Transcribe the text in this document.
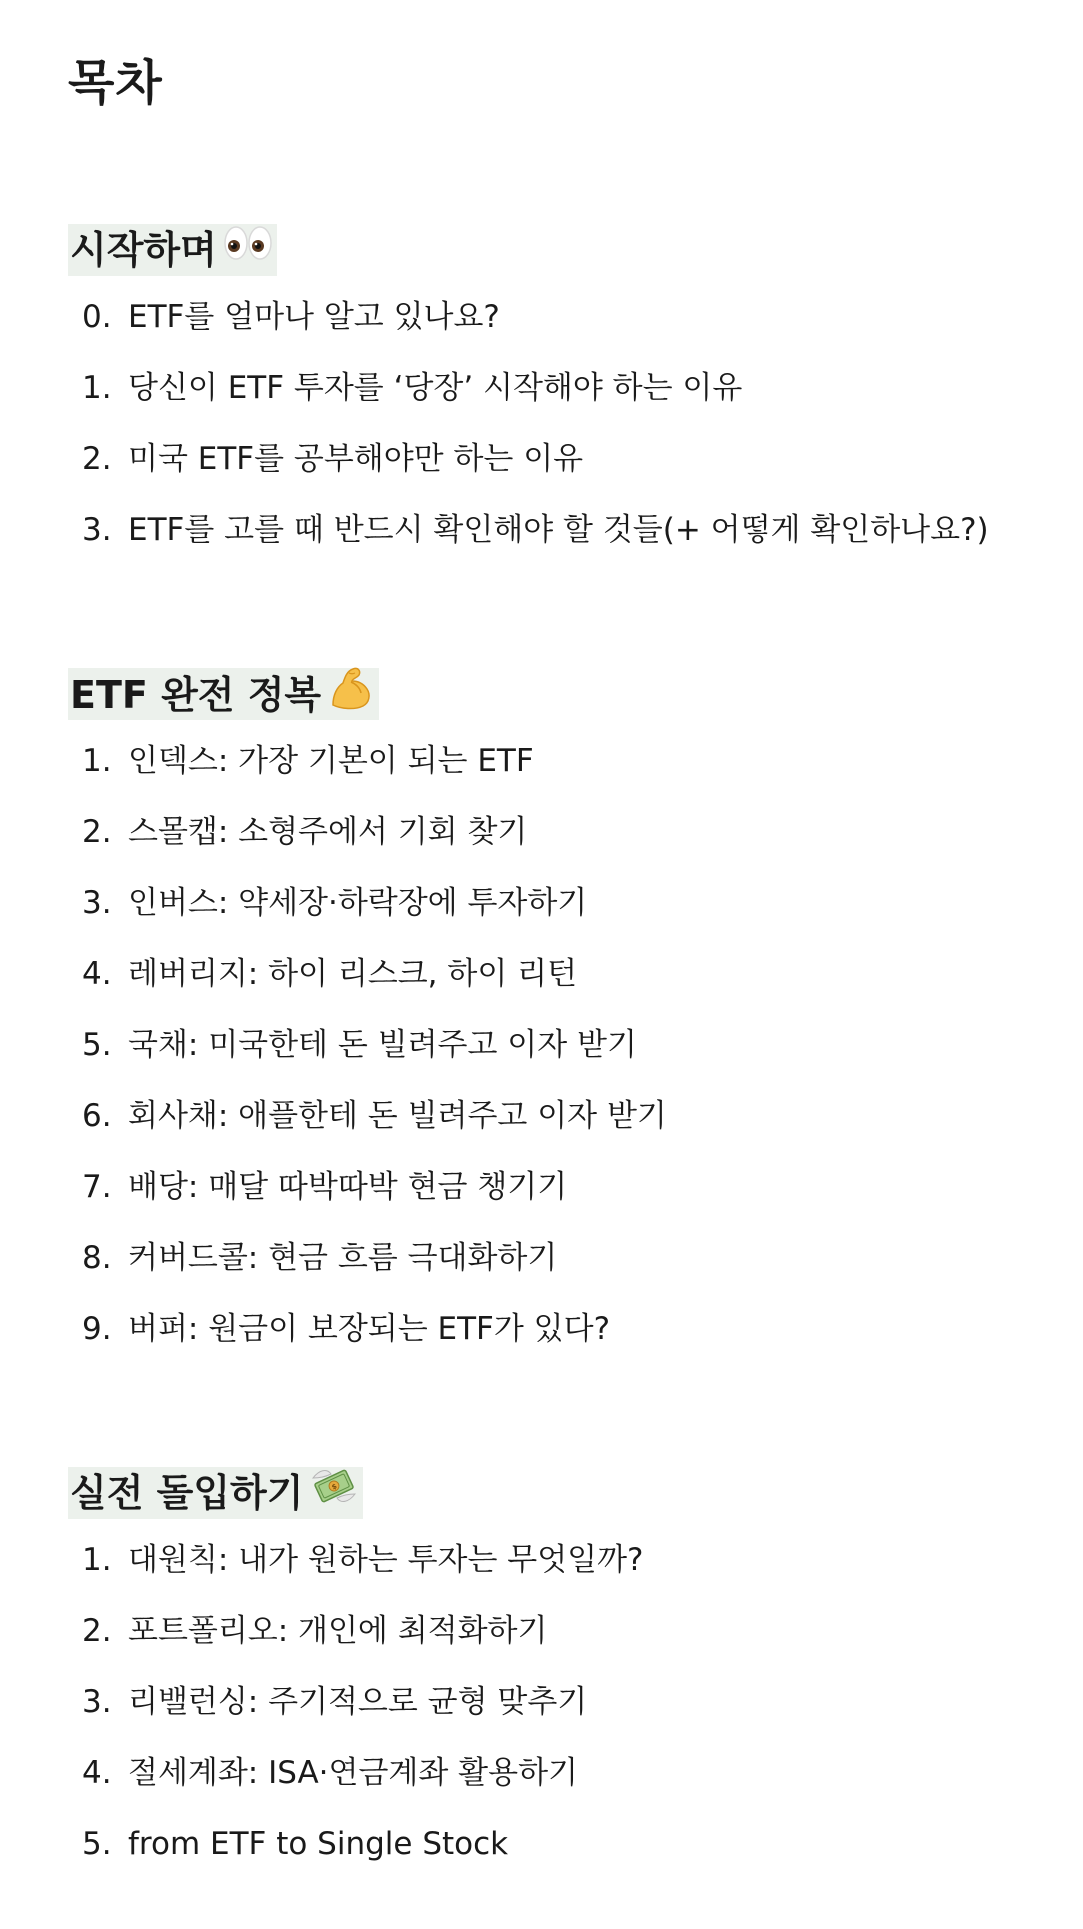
목차
시작하며
0. ETF를 얼마나 알고 있나요?
1. 당신이 ETF 투자를 ‘당장’ 시작해야 하는 이유
2. 미국 ETF를 공부해야만 하는 이유
3. ETF를 고를 때 반드시 확인해야 할 것들(+ 어떻게 확인하나요?)
ETF 완전 정복
1. 인덱스: 가장 기본이 되는 ETF
2. 스몰캡: 소형주에서 기회 찾기
3. 인버스: 약세장·하락장에 투자하기
4. 레버리지: 하이 리스크, 하이 리턴
5. 국채: 미국한테 돈 빌려주고 이자 받기
6. 회사채: 애플한테 돈 빌려주고 이자 받기
7. 배당: 매달 따박따박 현금 챙기기
8. 커버드콜: 현금 흐름 극대화하기
9. 버퍼: 원금이 보장되는 ETF가 있다?
실전 돌입하기	$
1. 대원칙: 내가 원하는 투자는 무엇일까?
2. 포트폴리오: 개인에 최적화하기
3. 리밸런싱: 주기적으로 균형 맞추기
4. 절세계좌: ISA·연금계좌 활용하기
5. from ETF to Single Stock
